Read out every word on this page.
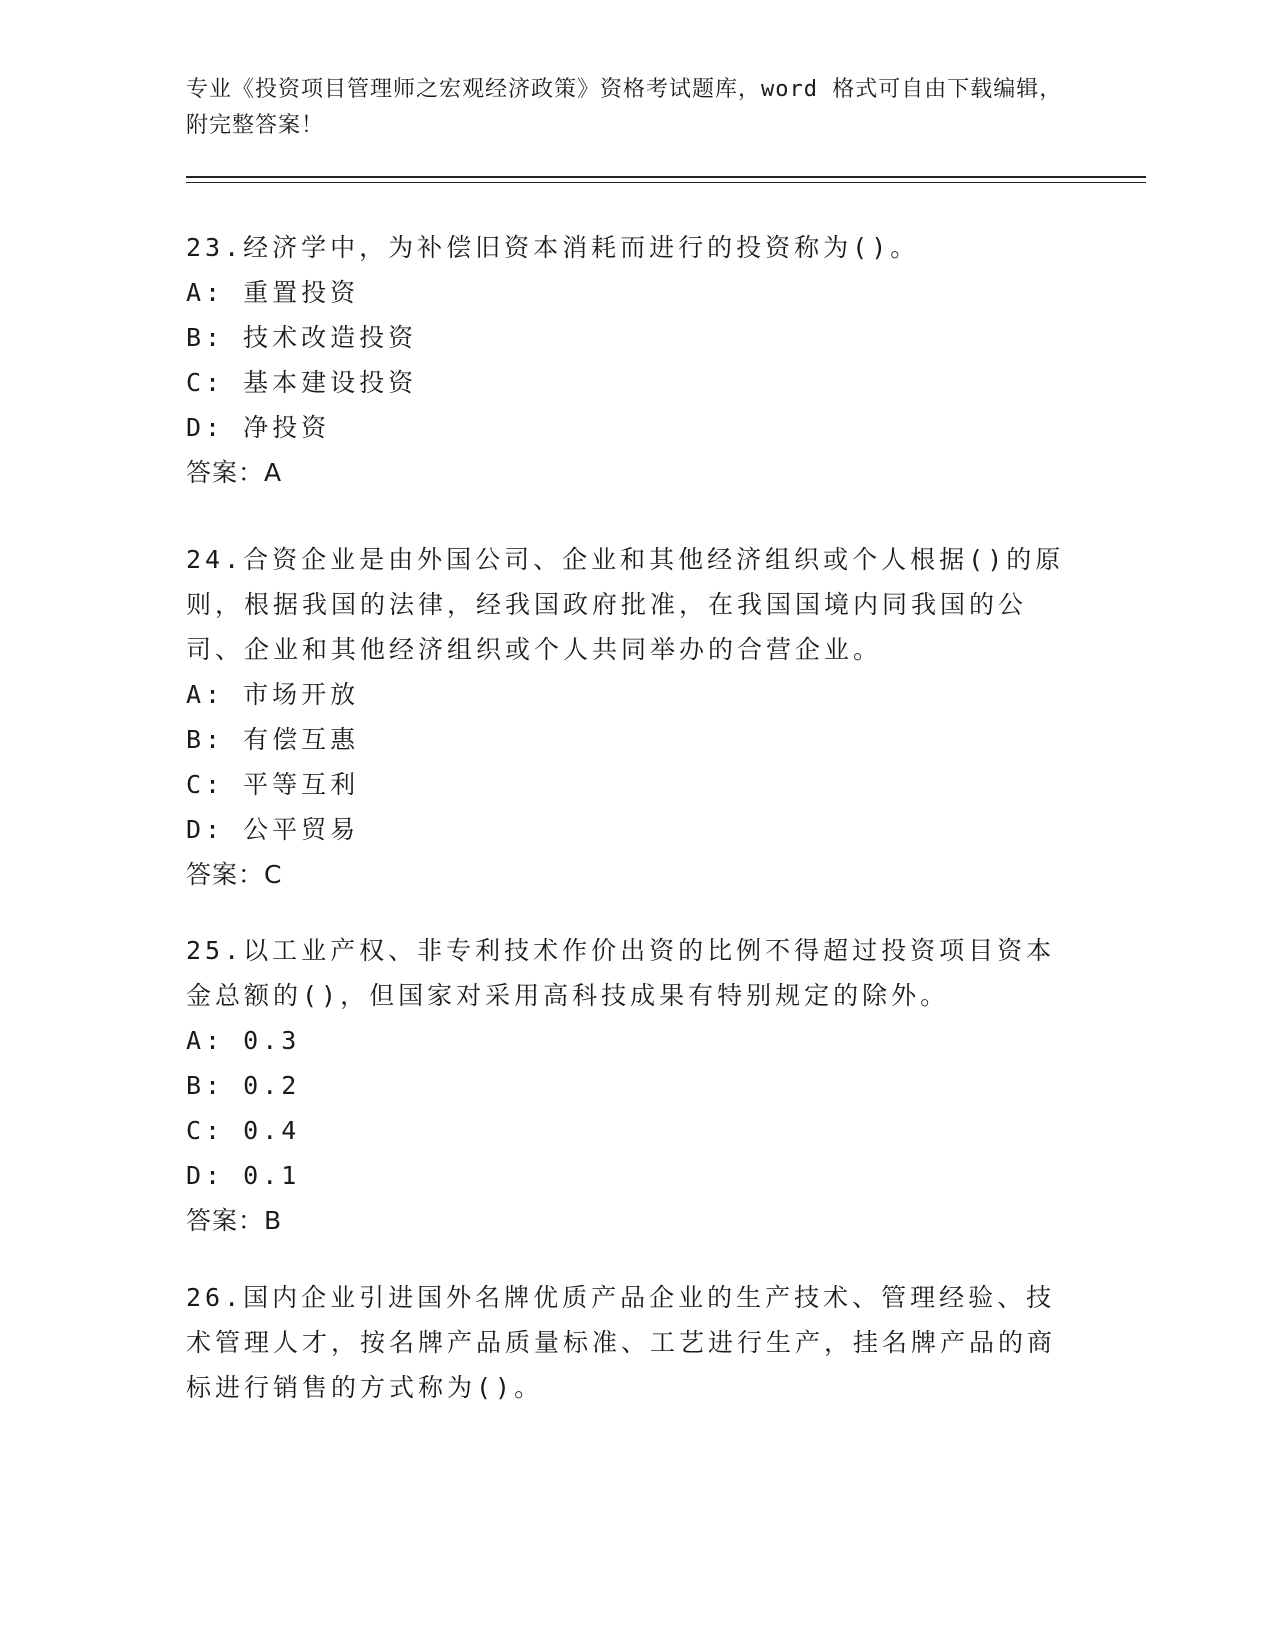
专业《投资项目管理师之宏观经济政策》资格考试题库，word 格式可自由下载编辑，附完整答案！
23.经济学中，为补偿旧资本消耗而进行的投资称为()。
A: 重置投资
B: 技术改造投资
C: 基本建设投资
D: 净投资
答案：A
24.合资企业是由外国公司、企业和其他经济组织或个人根据()的原则，根据我国的法律，经我国政府批准，在我国国境内同我国的公司、企业和其他经济组织或个人共同举办的合营企业。
A: 市场开放
B: 有偿互惠
C: 平等互利
D: 公平贸易
答案：C
25.以工业产权、非专利技术作价出资的比例不得超过投资项目资本金总额的()，但国家对采用高科技成果有特别规定的除外。
A: 0.3
B: 0.2
C: 0.4
D: 0.1
答案：B
26.国内企业引进国外名牌优质产品企业的生产技术、管理经验、技术管理人才，按名牌产品质量标准、工艺进行生产，挂名牌产品的商标进行销售的方式称为()。
